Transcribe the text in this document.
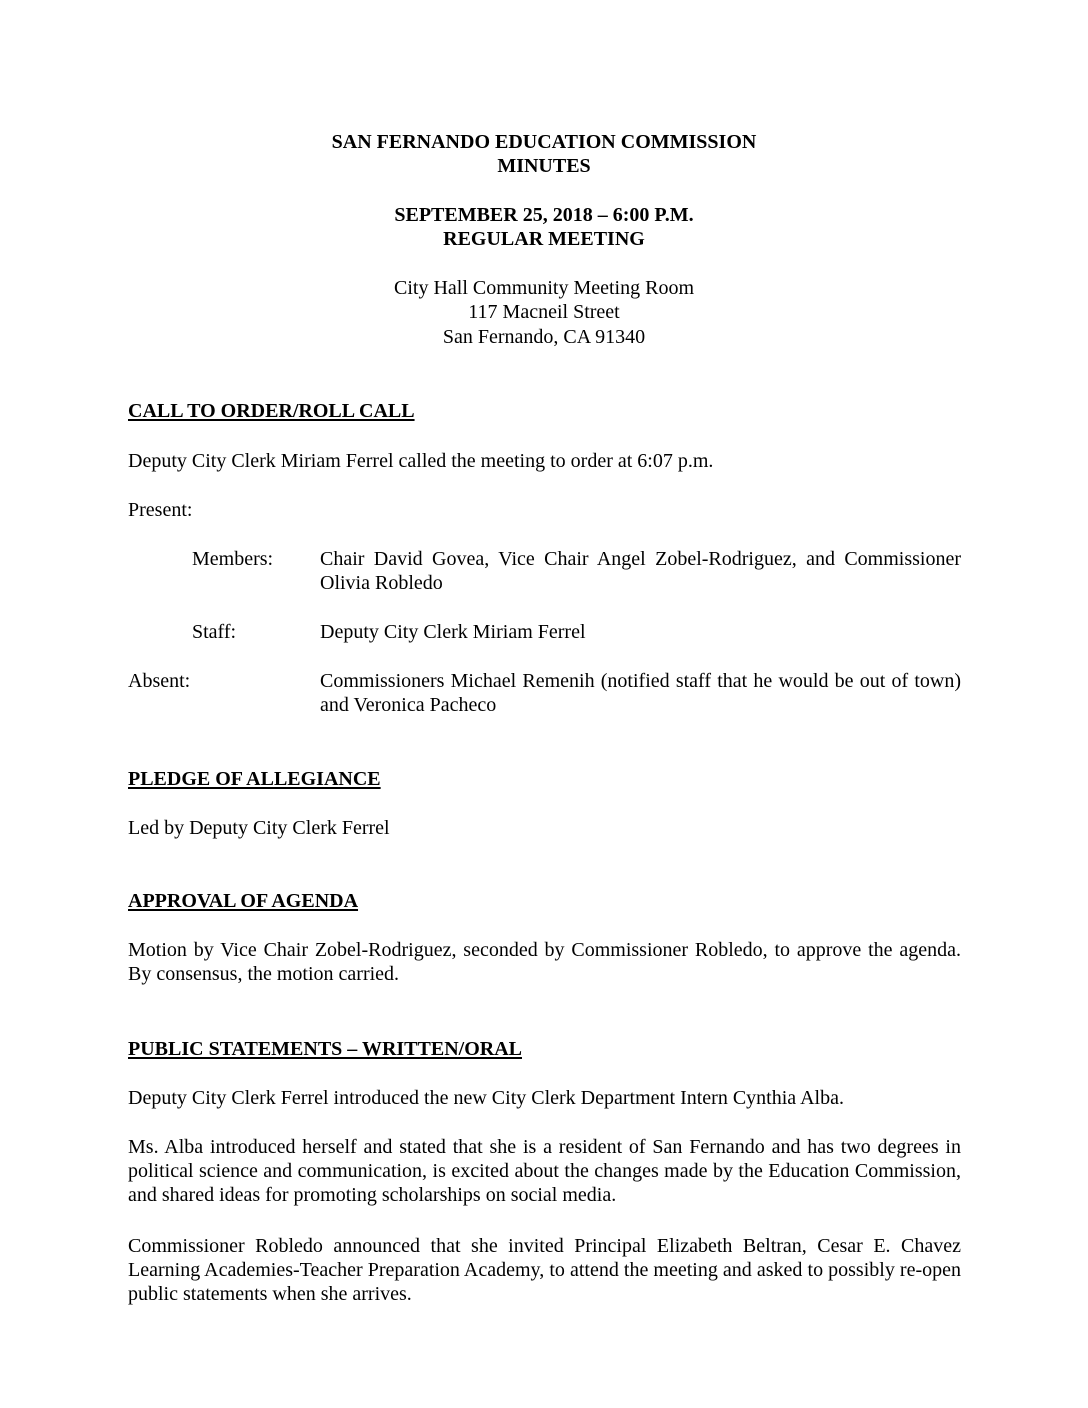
SAN FERNANDO EDUCATION COMMISSION
MINUTES
SEPTEMBER 25, 2018 – 6:00 P.M.
REGULAR MEETING
City Hall Community Meeting Room
117 Macneil Street
San Fernando, CA 91340
CALL TO ORDER/ROLL CALL
Deputy City Clerk Miriam Ferrel called the meeting to order at 6:07 p.m.
Present:
Members: Chair David Govea, Vice Chair Angel Zobel-Rodriguez, and Commissioner Olivia Robledo
Staff:	Deputy City Clerk Miriam Ferrel
Absent:	Commissioners Michael Remenih (notified staff that he would be out of town) and Veronica Pacheco
PLEDGE OF ALLEGIANCE
Led by Deputy City Clerk Ferrel
APPROVAL OF AGENDA
Motion by Vice Chair Zobel-Rodriguez, seconded by Commissioner Robledo, to approve the agenda. By consensus, the motion carried.
PUBLIC STATEMENTS – WRITTEN/ORAL
Deputy City Clerk Ferrel introduced the new City Clerk Department Intern Cynthia Alba.
Ms. Alba introduced herself and stated that she is a resident of San Fernando and has two degrees in political science and communication, is excited about the changes made by the Education Commission, and shared ideas for promoting scholarships on social media.
Commissioner Robledo announced that she invited Principal Elizabeth Beltran, Cesar E. Chavez Learning Academies-Teacher Preparation Academy, to attend the meeting and asked to possibly re-open public statements when she arrives.
